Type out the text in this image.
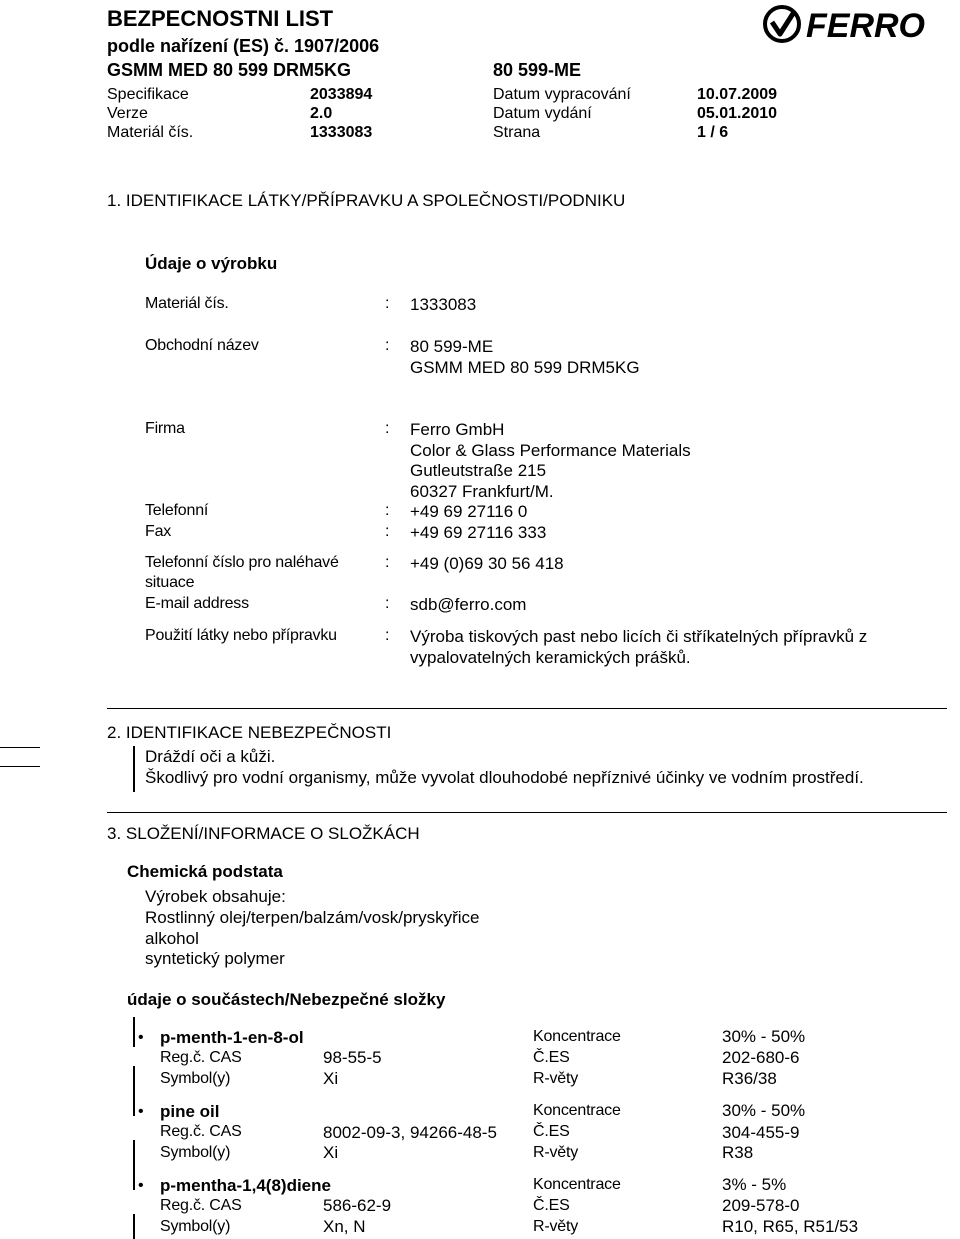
BEZPECNOSTNI LIST
podle nařízení (ES) č. 1907/2006
GSMM MED 80 599 DRM5KG	80 599-ME
FERRO
Specifikace	2033894	Datum vypracování	10.07.2009
Verze	2.0	Datum vydání	05.01.2010
Materiál čís.	1333083	Strana	1 / 6
1. IDENTIFIKACE LÁTKY/PŘÍPRAVKU A SPOLEČNOSTI/PODNIKU
Údaje o výrobku
Materiál čís.	: 1333083
Obchodní název	: 80 599-ME
GSMM MED 80 599 DRM5KG
Firma	: Ferro GmbH
Color & Glass Performance Materials
Gutleutstraße 215
60327 Frankfurt/M.
Telefonní	: +49 69 27116 0
Fax	: +49 69 27116 333
Telefonní číslo pro naléhavé
situace
: +49 (0)69 30 56 418
E-mail address	: sdb@ferro.com
Použití látky nebo přípravku	: Výroba tiskových past nebo licích či stříkatelných přípravků z
vypalovatelných keramických prášků.
2. IDENTIFIKACE NEBEZPEČNOSTI
Dráždí oči a kůži.
Škodlivý pro vodní organismy, může vyvolat dlouhodobé nepříznivé účinky ve vodním prostředí.
3. SLOŽENÍ/INFORMACE O SLOŽKÁCH
Chemická podstata
Výrobek obsahuje:
Rostlinný olej/terpen/balzám/vosk/pryskyřice
alkohol
syntetický polymer
údaje o součástech/Nebezpečné složky
• p-menth-1-en-8-ol	Koncentrace	30% - 50%
Reg.č. CAS	98-55-5	Č.ES	202-680-6
Symbol(y)	Xi	R-věty	R36/38
• pine oil	Koncentrace	30% - 50%
Reg.č. CAS	8002-09-3, 94266-48-5 Č.ES	304-455-9
Symbol(y)	Xi	R-věty	R38
• p-mentha-1,4(8)diene	Koncentrace	3% - 5%
Reg.č. CAS	586-62-9	Č.ES	209-578-0
Symbol(y)	Xn, N	R-věty	R10, R65, R51/53
